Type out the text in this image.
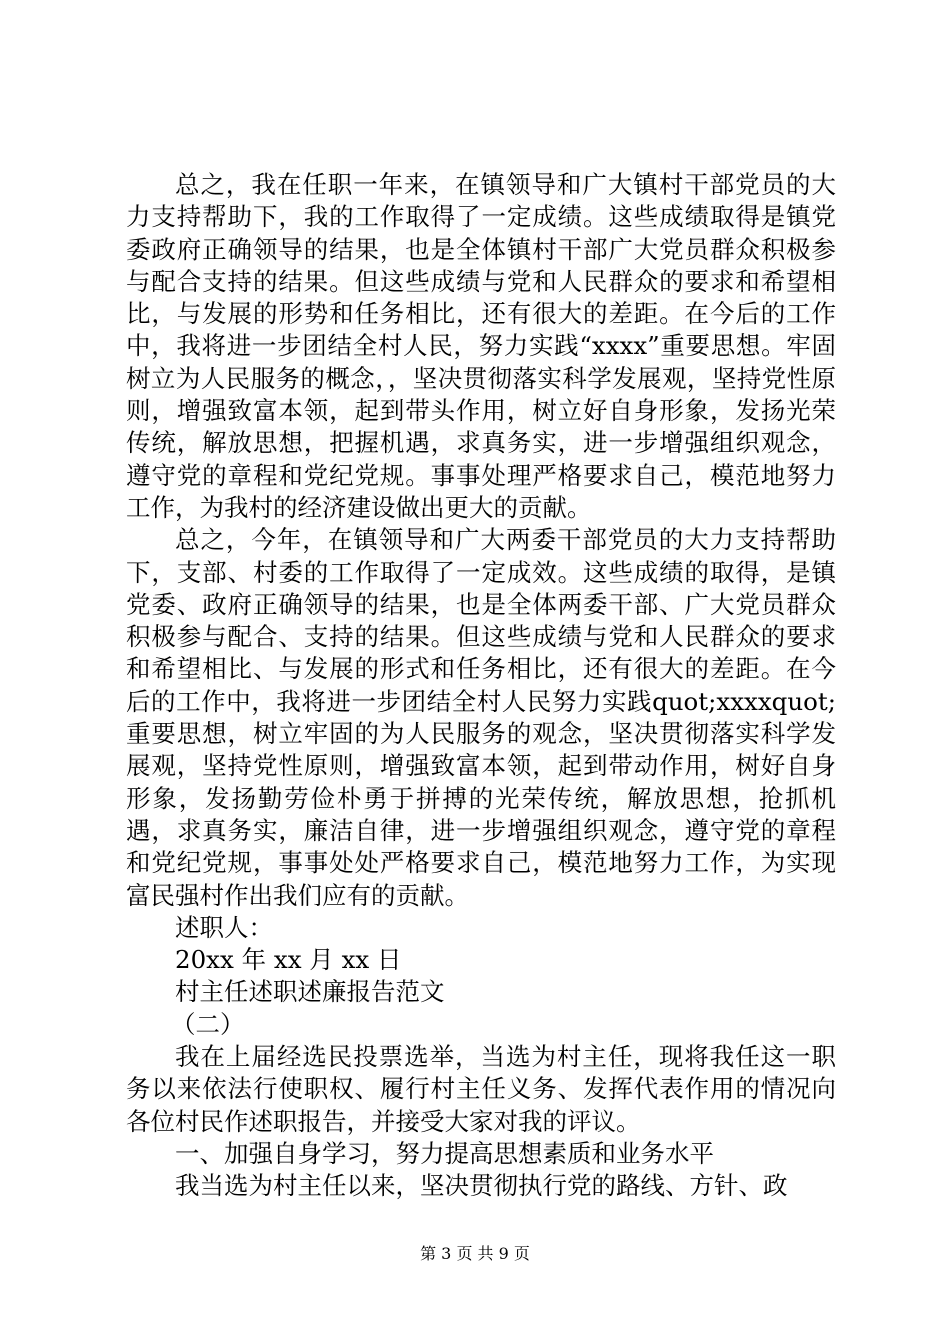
总之，我在任职一年来，在镇领导和广大镇村干部党员的大力支持帮助下，我的工作取得了一定成绩。这些成绩取得是镇党委政府正确领导的结果，也是全体镇村干部广大党员群众积极参与配合支持的结果。但这些成绩与党和人民群众的要求和希望相比，与发展的形势和任务相比，还有很大的差距。在今后的工作中，我将进一步团结全村人民，努力实践“xxxx”重要思想。牢固树立为人民服务的概念，，坚决贯彻落实科学发展观，坚持党性原则，增强致富本领，起到带头作用，树立好自身形象，发扬光荣传统，解放思想，把握机遇，求真务实，进一步增强组织观念，遵守党的章程和党纪党规。事事处理严格要求自己，模范地努力工作，为我村的经济建设做出更大的贡献。

总之，今年，在镇领导和广大两委干部党员的大力支持帮助下，支部、村委的工作取得了一定成效。这些成绩的取得，是镇党委、政府正确领导的结果，也是全体两委干部、广大党员群众积极参与配合、支持的结果。但这些成绩与党和人民群众的要求和希望相比、与发展的形式和任务相比，还有很大的差距。在今后的工作中，我将进一步团结全村人民努力实践quot;xxxxquot;重要思想，树立牢固的为人民服务的观念，坚决贯彻落实科学发展观，坚持党性原则，增强致富本领，起到带动作用，树好自身形象，发扬勤劳俭朴勇于拼搏的光荣传统，解放思想，抢抓机遇，求真务实，廉洁自律，进一步增强组织观念，遵守党的章程和党纪党规，事事处处严格要求自己，模范地努力工作，为实现富民强村作出我们应有的贡献。

述职人：

20xx 年 xx 月 xx 日

村主任述职述廉报告范文

（二）

我在上届经选民投票选举，当选为村主任，现将我任这一职务以来依法行使职权、履行村主任义务、发挥代表作用的情况向各位村民作述职报告，并接受大家对我的评议。

一、加强自身学习，努力提高思想素质和业务水平

我当选为村主任以来，坚决贯彻执行党的路线、方针、政

第 3 页 共 9 页
